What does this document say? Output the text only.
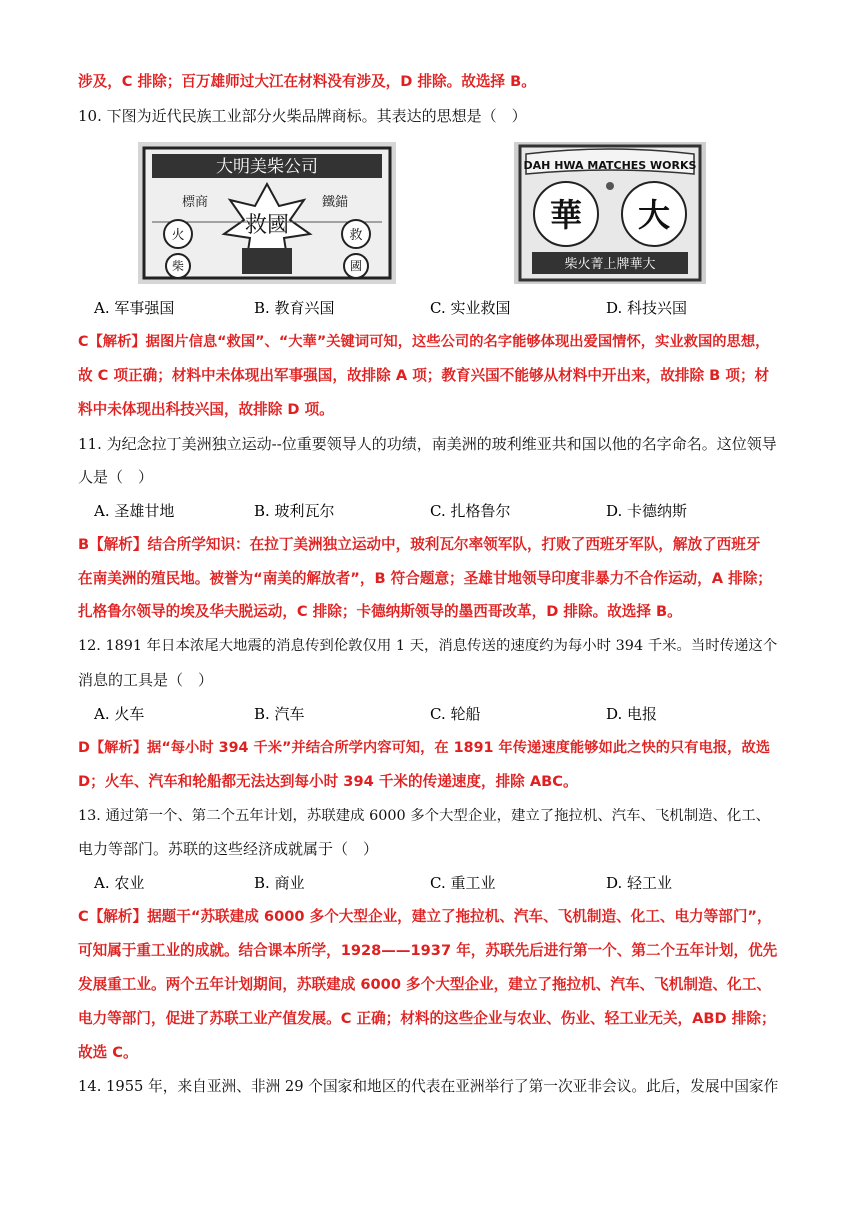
涉及，C 排除；百万雄师过大江在材料没有涉及，D 排除。故选择 B。
10. 下图为近代民族工业部分火柴品牌商标。其表达的思想是（　）
大明美柴公司
標商	鐵錨
救國
火
柴
救
國
DAH HWA MATCHES WORKS
華 大
柴火菁上牌華大
A. 军事强国	B. 教育兴国	C. 实业救国	D. 科技兴国
C【解析】据图片信息“救国”、“大華”关键词可知，这些公司的名字能够体现出爱国情怀，实业救国的思想，
故 C 项正确；材料中未体现出军事强国，故排除 A 项；教育兴国不能够从材料中开出来，故排除 B 项；材
料中未体现出科技兴国，故排除 D 项。
11. 为纪念拉丁美洲独立运动--位重要领导人的功绩，南美洲的玻利维亚共和国以他的名字命名。这位领导
人是（　）
A. 圣雄甘地	B. 玻利瓦尔	C. 扎格鲁尔	D. 卡德纳斯
B【解析】结合所学知识：在拉丁美洲独立运动中，玻利瓦尔率领军队，打败了西班牙军队，解放了西班牙
在南美洲的殖民地。被誉为“南美的解放者”，B 符合题意；圣雄甘地领导印度非暴力不合作运动，A 排除；
扎格鲁尔领导的埃及华夫脱运动，C 排除；卡德纳斯领导的墨西哥改革，D 排除。故选择 B。
12. 1891 年日本浓尾大地震的消息传到伦敦仅用 1 天，消息传送的速度约为每小时 394 千米。当时传递这个
消息的工具是（　）
A. 火车	B. 汽车	C. 轮船	D. 电报
D【解析】据“每小时 394 千米”并结合所学内容可知，在 1891 年传递速度能够如此之快的只有电报，故选
D；火车、汽车和轮船都无法达到每小时 394 千米的传递速度，排除 ABC。
13. 通过第一个、第二个五年计划，苏联建成 6000 多个大型企业，建立了拖拉机、汽车、飞机制造、化工、
电力等部门。苏联的这些经济成就属于（　）
A. 农业	B. 商业	C. 重工业	D. 轻工业
C【解析】据题干“苏联建成 6000 多个大型企业，建立了拖拉机、汽车、飞机制造、化工、电力等部门”，
可知属于重工业的成就。结合课本所学，1928——1937 年，苏联先后进行第一个、第二个五年计划，优先
发展重工业。两个五年计划期间，苏联建成 6000 多个大型企业，建立了拖拉机、汽车、飞机制造、化工、
电力等部门，促进了苏联工业产值发展。C 正确；材料的这些企业与农业、伤业、轻工业无关，ABD 排除；
故选 C。
14. 1955 年，来自亚洲、非洲 29 个国家和地区的代表在亚洲举行了第一次亚非会议。此后，发展中国家作
